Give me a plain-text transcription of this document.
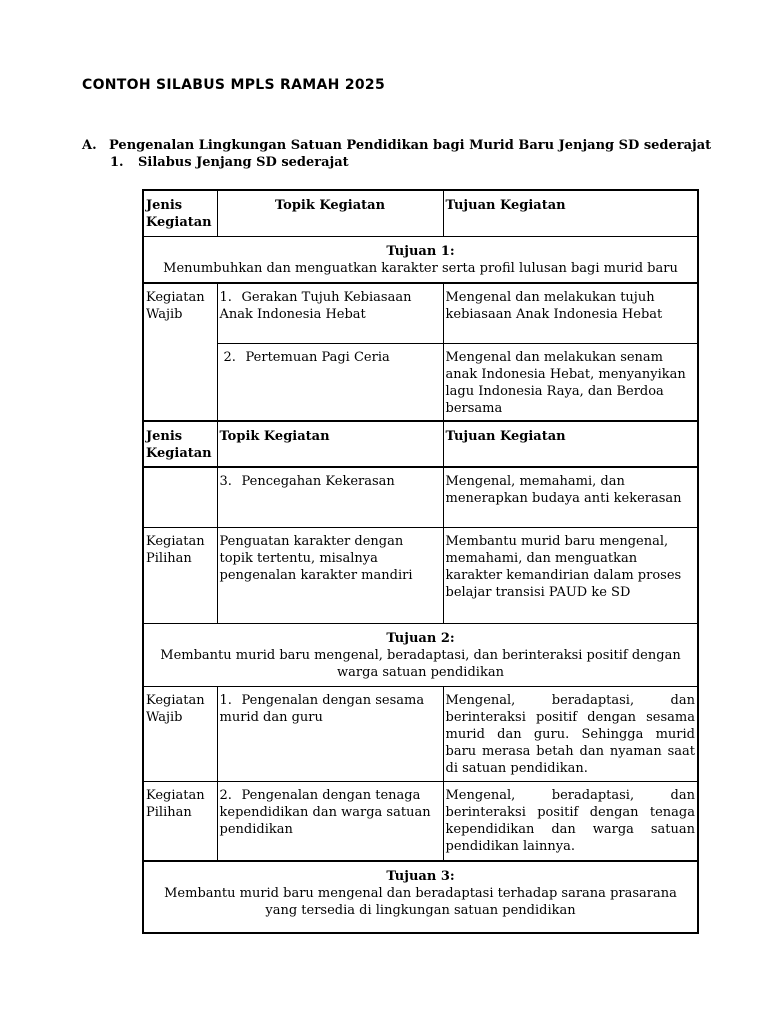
CONTOH SILABUS MPLS RAMAH 2025
A. Pengenalan Lingkungan Satuan Pendidikan bagi Murid Baru Jenjang SD sederajat
1. Silabus Jenjang SD sederajat
Jenis Kegiatan	Topik Kegiatan	Tujuan Kegiatan

Tujuan 1:
Menumbuhkan dan menguatkan karakter serta profil lulusan bagi murid baru		
Kegiatan Wajib	1. Gerakan Tujuh Kebiasaan Anak Indonesia Hebat	Mengenal dan melakukan tujuh kebiasaan Anak Indonesia Hebat
	2. Pertemuan Pagi Ceria	Mengenal dan melakukan senam anak Indonesia Hebat, menyanyikan lagu Indonesia Raya, dan Berdoa bersama
Jenis Kegiatan	Topik Kegiatan	Tujuan Kegiatan
	3. Pencegahan Kekerasan	Mengenal, memahami, dan menerapkan budaya anti kekerasan
Kegiatan Pilihan	Penguatan karakter dengan topik tertentu, misalnya pengenalan karakter mandiri	Membantu murid baru mengenal, memahami, dan menguatkan karakter kemandirian dalam proses belajar transisi PAUD ke SD

Tujuan 2:
Membantu murid baru mengenal, beradaptasi, dan berinteraksi positif dengan warga satuan pendidikan		
Kegiatan Wajib	1. Pengenalan dengan sesama murid dan guru	Mengenal, beradaptasi, dan berinteraksi positif dengan sesama murid dan guru. Sehingga murid baru merasa betah dan nyaman saat di satuan pendidikan.
Kegiatan Pilihan	2. Pengenalan dengan tenaga kependidikan dan warga satuan pendidikan	Mengenal, beradaptasi, dan berinteraksi positif dengan tenaga kependidikan dan warga satuan pendidikan lainnya.

Tujuan 3:
Membantu murid baru mengenal dan beradaptasi terhadap sarana prasarana yang tersedia di lingkungan satuan pendidikan		
